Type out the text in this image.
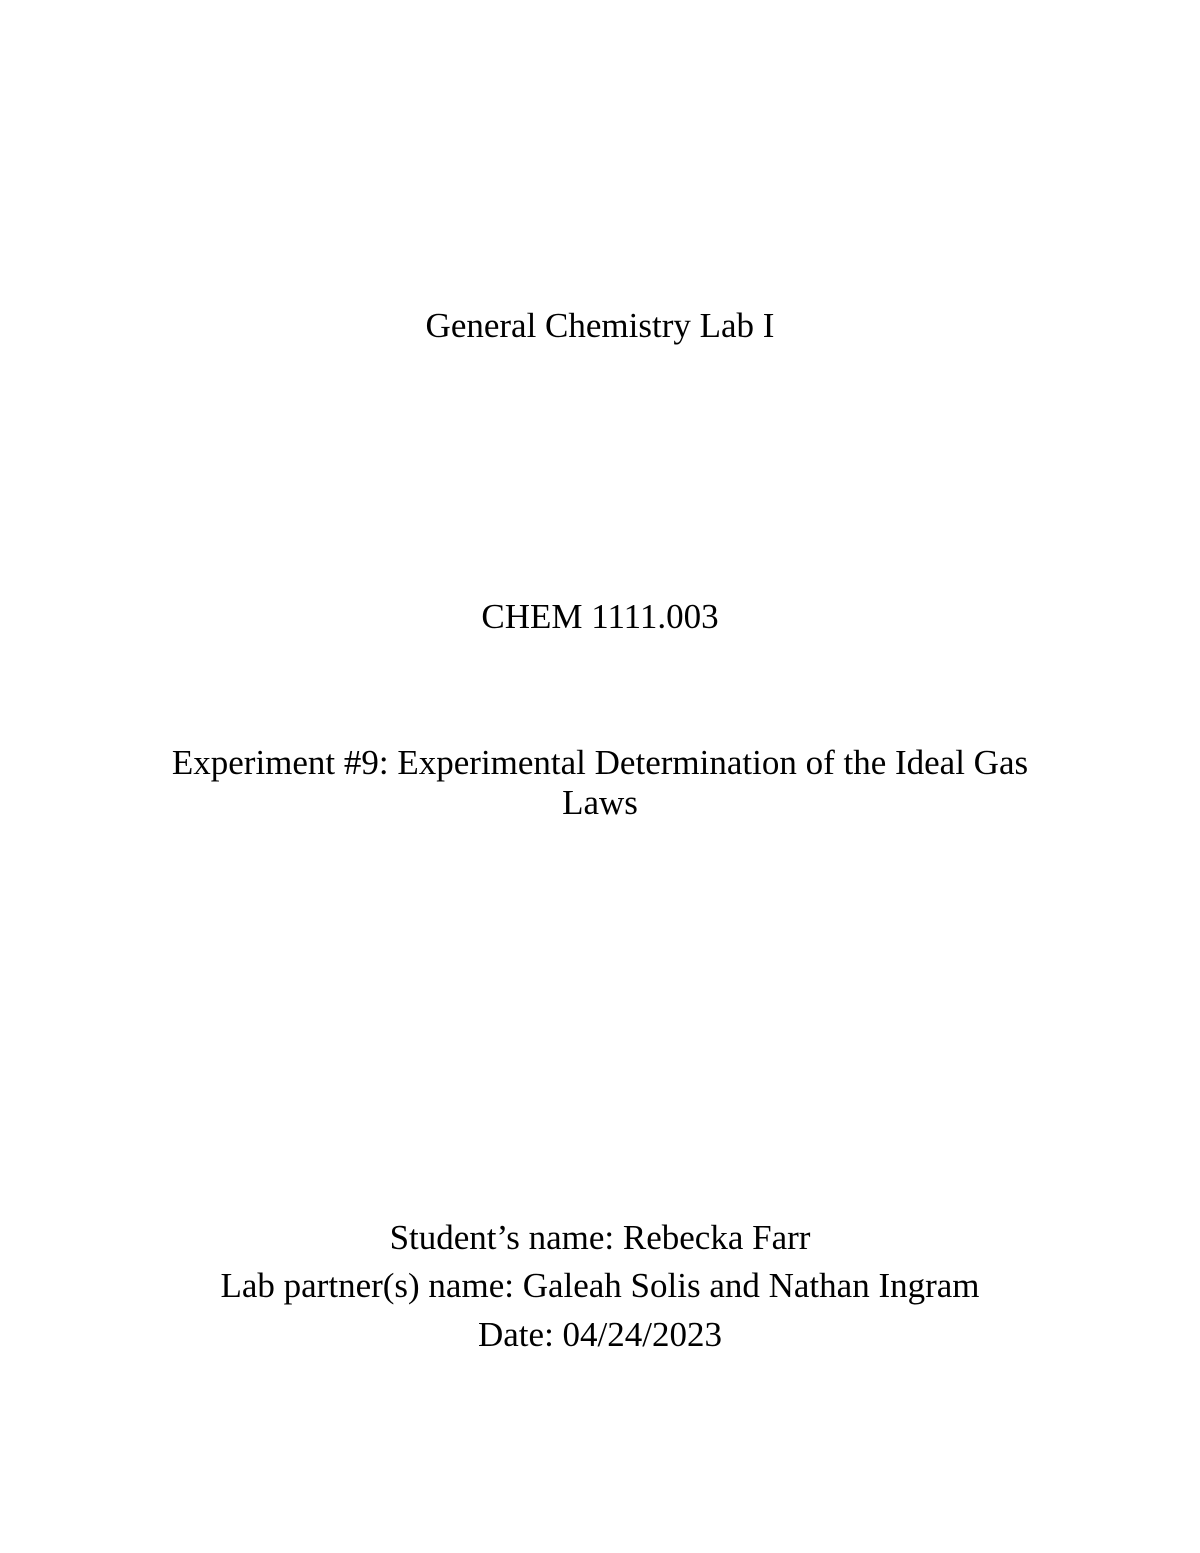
General Chemistry Lab I
CHEM 1111.003
Experiment #9: Experimental Determination of the Ideal Gas Laws
Student’s name: Rebecka Farr
Lab partner(s) name: Galeah Solis and Nathan Ingram
Date: 04/24/2023
